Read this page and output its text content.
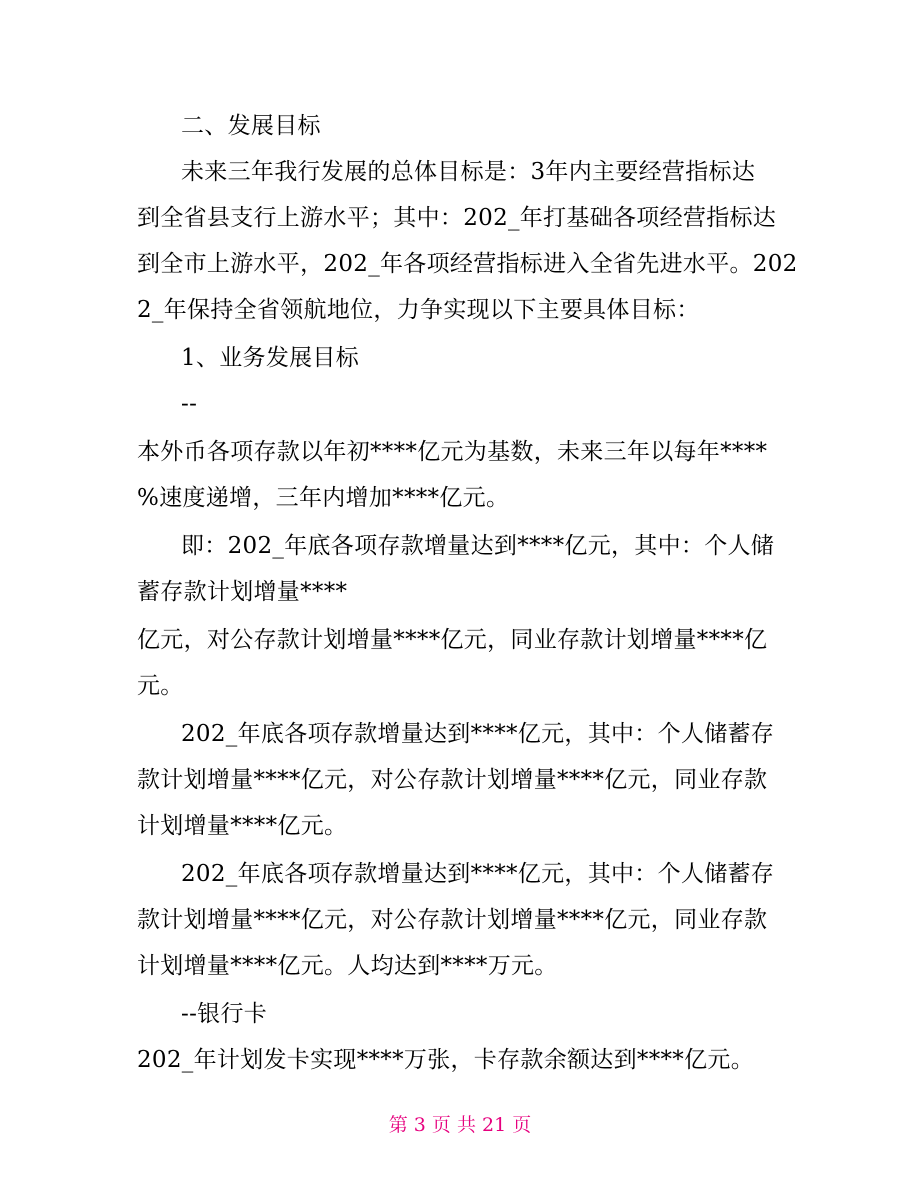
二、发展目标
未来三年我行发展的总体目标是：3年内主要经营指标达
到全省县支行上游水平；其中：202_年打基础各项经营指标达
到全市上游水平，202_年各项经营指标进入全省先进水平。202
2_年保持全省领航地位，力争实现以下主要具体目标：
1、业务发展目标
--
本外币各项存款以年初****亿元为基数，未来三年以每年****
%速度递增，三年内增加****亿元。
即：202_年底各项存款增量达到****亿元，其中：个人储
蓄存款计划增量****
亿元，对公存款计划增量****亿元，同业存款计划增量****亿
元。
202_年底各项存款增量达到****亿元，其中：个人储蓄存
款计划增量****亿元，对公存款计划增量****亿元，同业存款
计划增量****亿元。
202_年底各项存款增量达到****亿元，其中：个人储蓄存
款计划增量****亿元，对公存款计划增量****亿元，同业存款
计划增量****亿元。人均达到****万元。
--银行卡
202_年计划发卡实现****万张，卡存款余额达到****亿元。
第 3 页 共 21 页
